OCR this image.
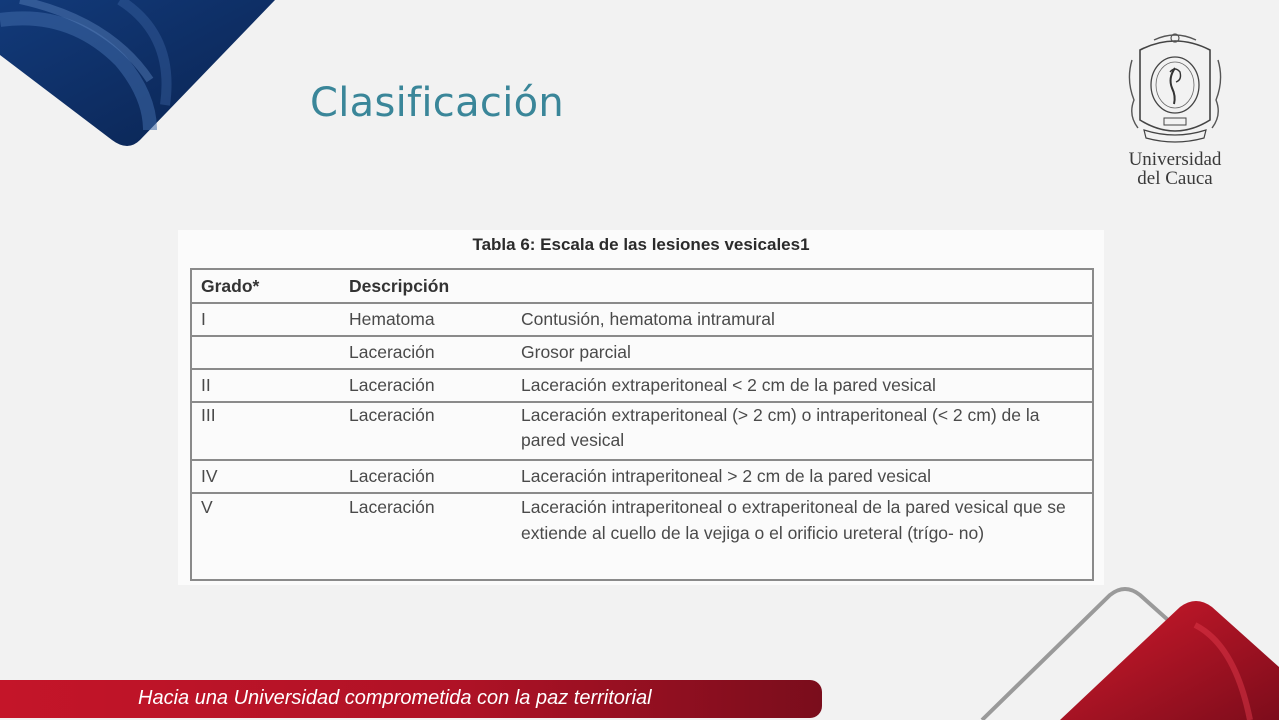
Clasificación
Universidad
del Cauca
Tabla 6: Escala de las lesiones vesicales1
Grado*	Descripción	
I	Hematoma	Contusión, hematoma intramural
	Laceración	Grosor parcial
II	Laceración	Laceración extraperitoneal < 2 cm de la pared vesical
III	Laceración	Laceración extraperitoneal (> 2 cm) o intraperitoneal (< 2 cm) de la pared vesical
IV	Laceración	Laceración intraperitoneal > 2 cm de la pared vesical
V	Laceración	Laceración intraperitoneal o extraperitoneal de la pared vesical que se extiende al cuello de la vejiga o el orificio ureteral (trígo- no)
Hacia una Universidad comprometida con la paz territorial
